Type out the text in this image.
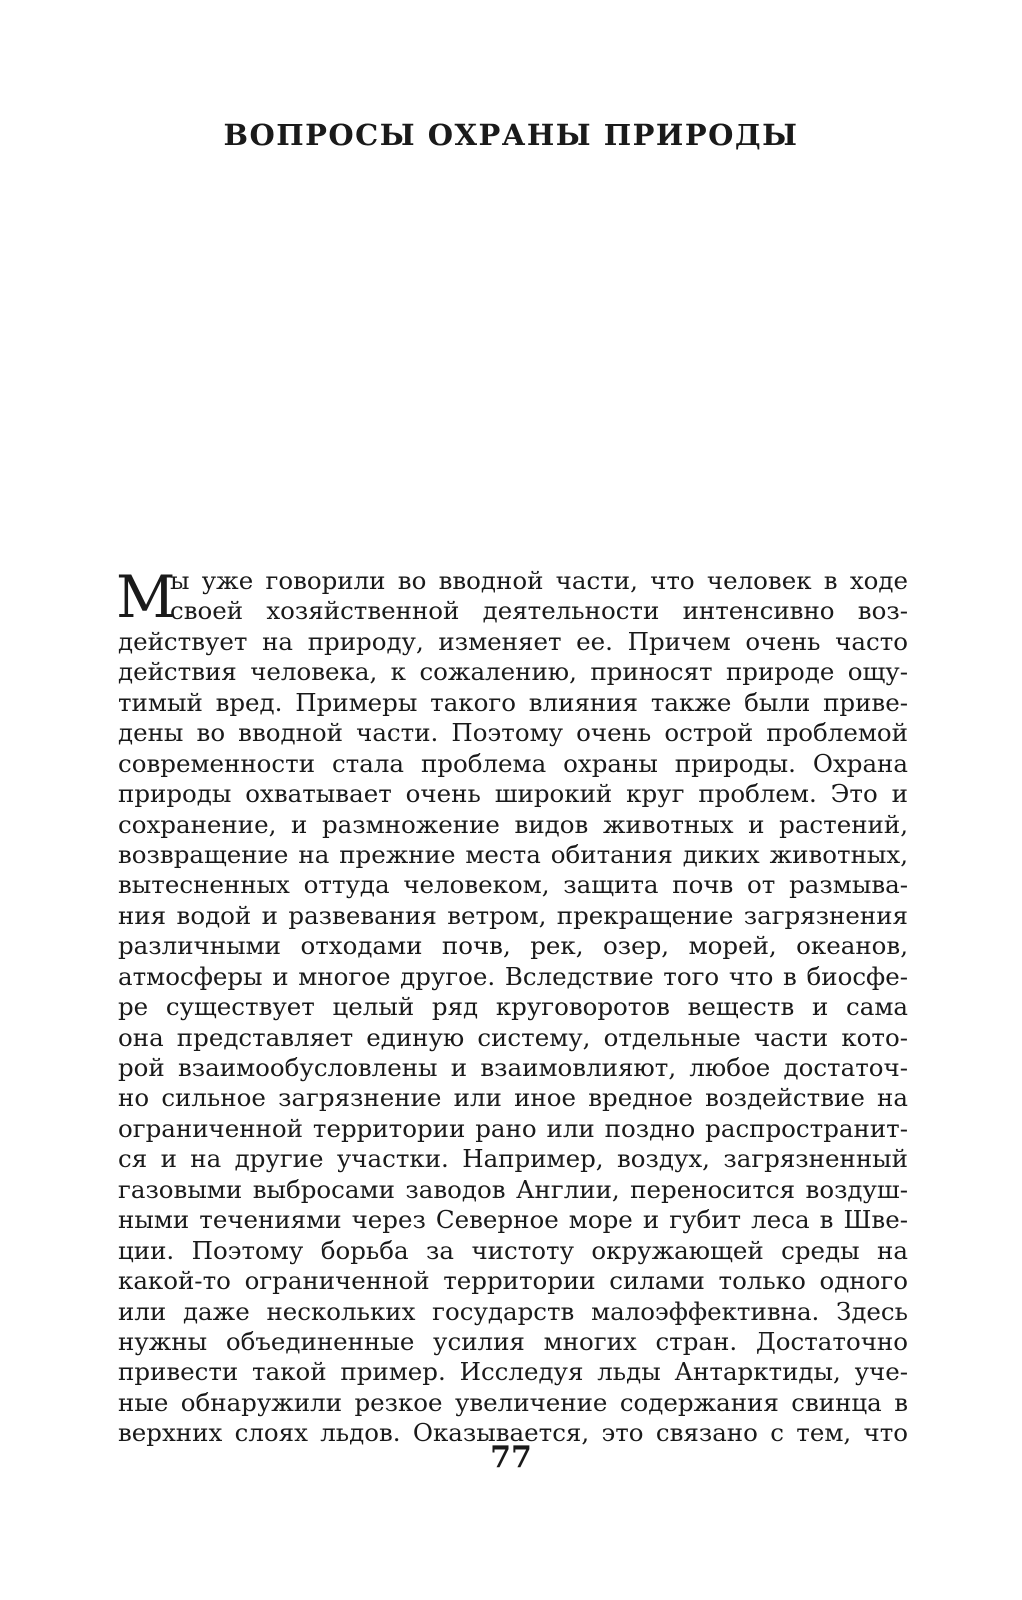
ВОПРОСЫ ОХРАНЫ ПРИРОДЫ
М
ы уже говорили во вводной части, что человек в ходе
своей хозяйственной деятельности интенсивно воз-
действует на природу, изменяет ее. Причем очень часто
действия человека, к сожалению, приносят природе ощу-
тимый вред. Примеры такого влияния также были приве-
дены во вводной части. Поэтому очень острой проблемой
современности стала проблема охраны природы. Охрана
природы охватывает очень широкий круг проблем. Это и
сохранение, и размножение видов животных и растений,
возвращение на прежние места обитания диких животных,
вытесненных оттуда человеком, защита почв от размыва-
ния водой и развевания ветром, прекращение загрязнения
различными отходами почв, рек, озер, морей, океанов,
атмосферы и многое другое. Вследствие того что в биосфе-
ре существует целый ряд круговоротов веществ и сама
она представляет единую систему, отдельные части кото-
рой взаимообусловлены и взаимовлияют, любое достаточ-
но сильное загрязнение или иное вредное воздействие на
ограниченной территории рано или поздно распространит-
ся и на другие участки. Например, воздух, загрязненный
газовыми выбросами заводов Англии, переносится воздуш-
ными течениями через Северное море и губит леса в Шве-
ции. Поэтому борьба за чистоту окружающей среды на
какой-то ограниченной территории силами только одного
или даже нескольких государств малоэффективна. Здесь
нужны объединенные усилия многих стран. Достаточно
привести такой пример. Исследуя льды Антарктиды, уче-
ные обнаружили резкое увеличение содержания свинца в
верхних слоях льдов. Оказывается, это связано с тем, что
77
